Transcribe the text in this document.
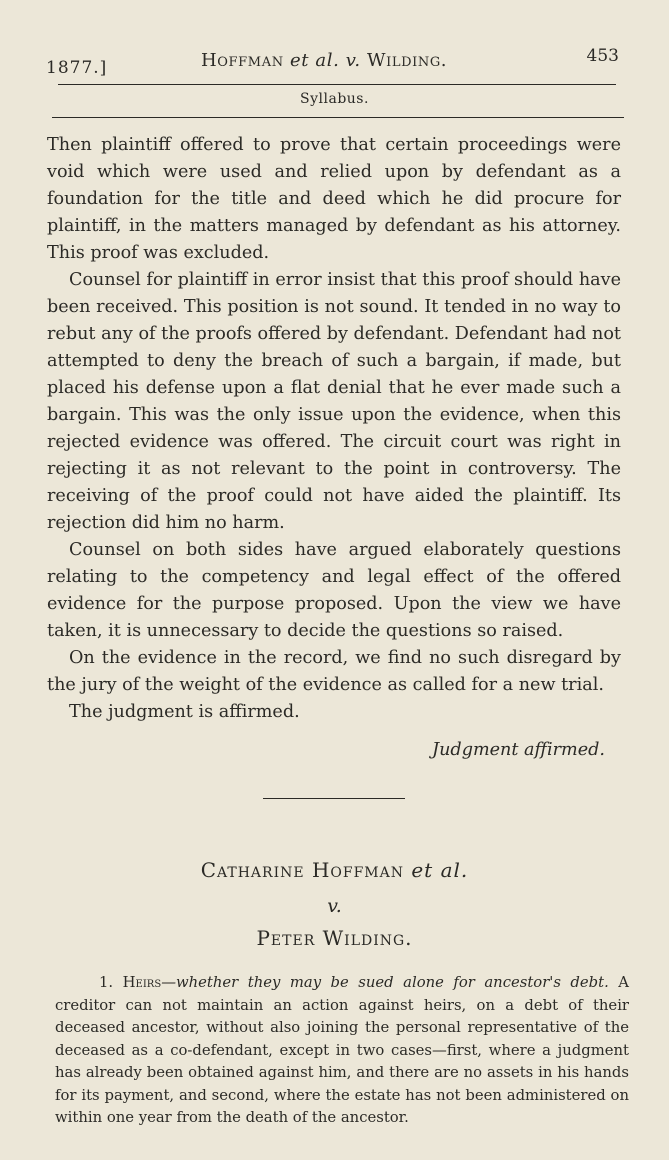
1877.]	Hoffman et al. v. Wilding.	453
Syllabus.

Then plaintiff offered to prove that certain proceedings were void which were used and relied upon by defendant as a foundation for the title and deed which he did procure for plaintiff, in the matters managed by defendant as his attorney. This proof was excluded.

Counsel for plaintiff in error insist that this proof should have been received. This position is not sound. It tended in no way to rebut any of the proofs offered by defendant. Defendant had not attempted to deny the breach of such a bargain, if made, but placed his defense upon a flat denial that he ever made such a bargain. This was the only issue upon the evidence, when this rejected evidence was offered. The circuit court was right in rejecting it as not relevant to the point in controversy. The receiving of the proof could not have aided the plaintiff. Its rejection did him no harm.

Counsel on both sides have argued elaborately questions relating to the competency and legal effect of the offered evidence for the purpose proposed. Upon the view we have taken, it is unnecessary to decide the questions so raised.

On the evidence in the record, we find no such disregard by the jury of the weight of the evidence as called for a new trial.

The judgment is affirmed.

Judgment affirmed.
Catharine Hoffman et al.
v.
Peter Wilding.
1. Heirs—whether they may be sued alone for ancestor's debt. A creditor can not maintain an action against heirs, on a debt of their deceased ancestor, without also joining the personal representative of the deceased as a co-defendant, except in two cases—first, where a judgment has already been obtained against him, and there are no assets in his hands for its payment, and second, where the estate has not been administered on within one year from the death of the ancestor.
